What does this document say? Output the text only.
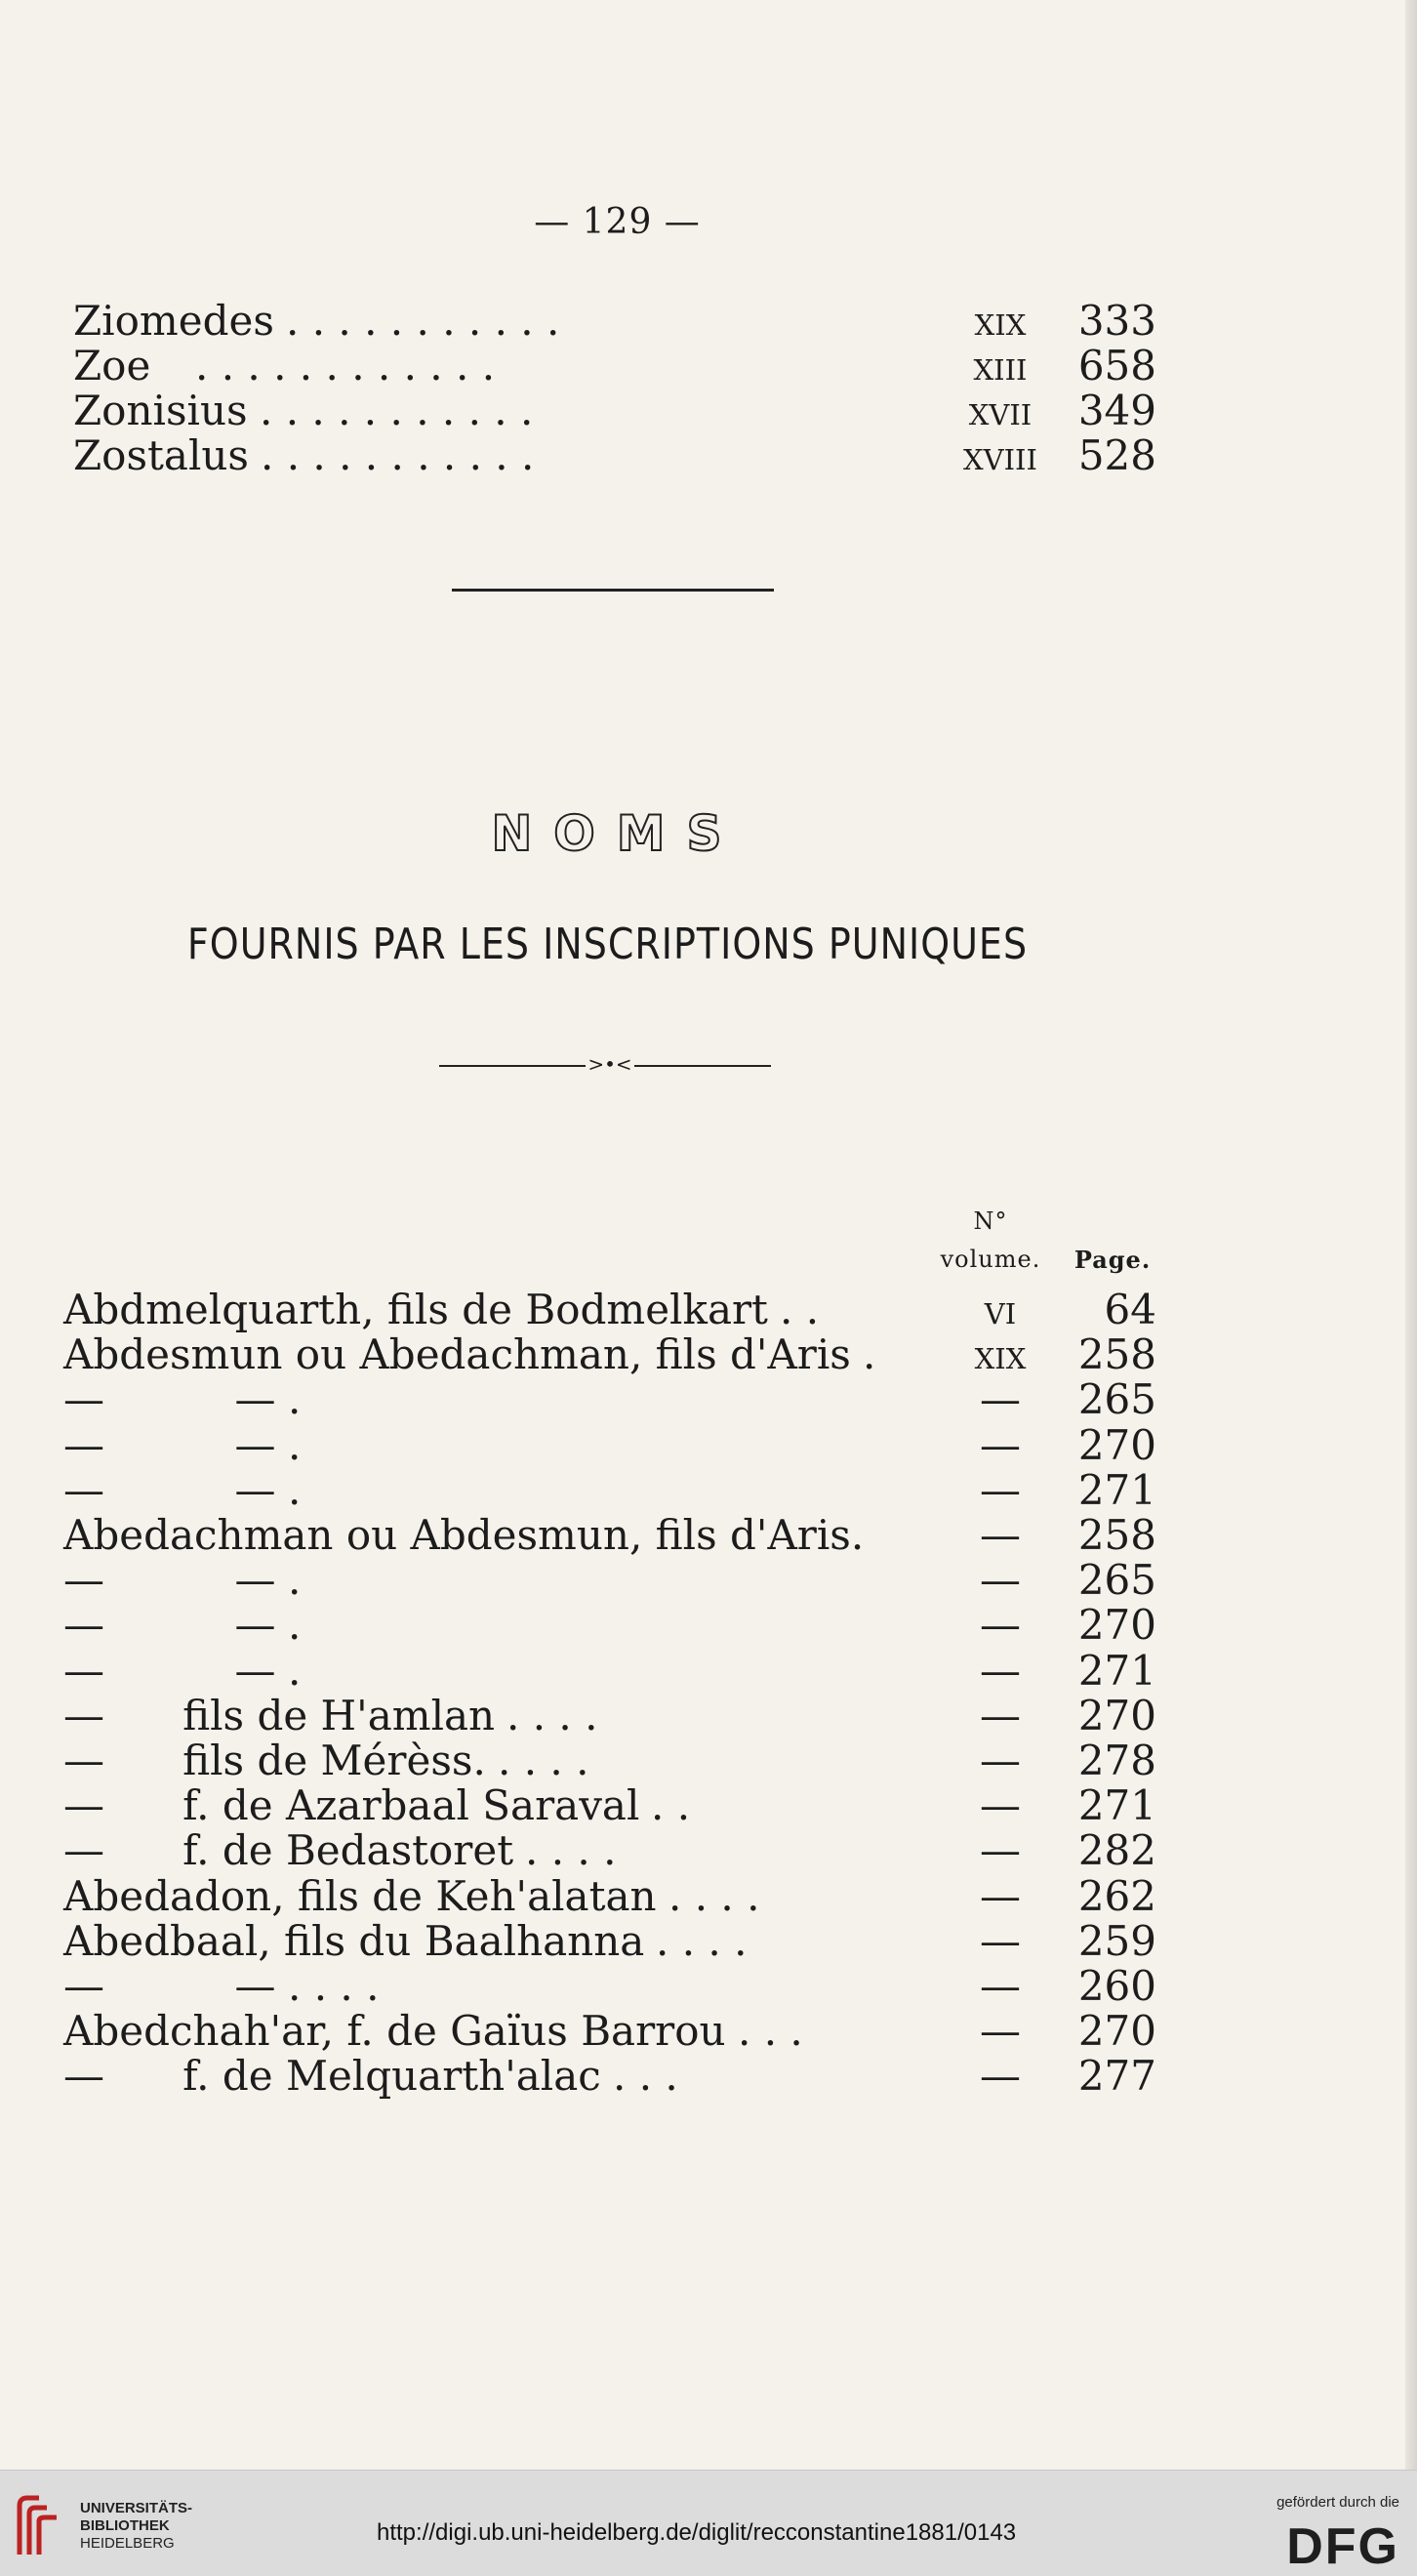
— 129 —
Ziomedes . . . . . . . . . . .	xix	333
Zoe . . . . . . . . . . . .	xiii	658
Zonisius . . . . . . . . . . .	xvii	349
Zostalus . . . . . . . . . . .	xviii 528
NOMS
FOURNIS PAR LES INSCRIPTIONS PUNIQUES
>•<
N°
volume.	Page.
Abdmelquarth, fils de Bodmelkart . .	vi	64
Abdesmun ou Abedachman, fils d'Aris .	xix	258
—          — .	—	265
—          — .	—	270
—          — .	—	271
Abedachman ou Abdesmun, fils d'Aris.	—	258
—          — .	—	265
—          — .	—	270
—          — .	—	271
—      fils de H'amlan . . . .	—	270
—      fils de Mérèss. . . . .	—	278
—      f. de Azarbaal Saraval . .	—	271
—      f. de Bedastoret . . . .	—	282
Abedadon, fils de Keh'alatan . . . .	—	262
Abedbaal, fils du Baalhanna . . . .	—	259
—          — . . . .	—	260
Abedchah'ar, f. de Gaïus Barrou . . .	—	270
—      f. de Melquarth'alac . . .	—	277
UNIVERSITÄTS-
BIBLIOTHEK
HEIDELBERG	http://digi.ub.uni-heidelberg.de/diglit/recconstantine1881/0143
gefördert durch die
DFG
